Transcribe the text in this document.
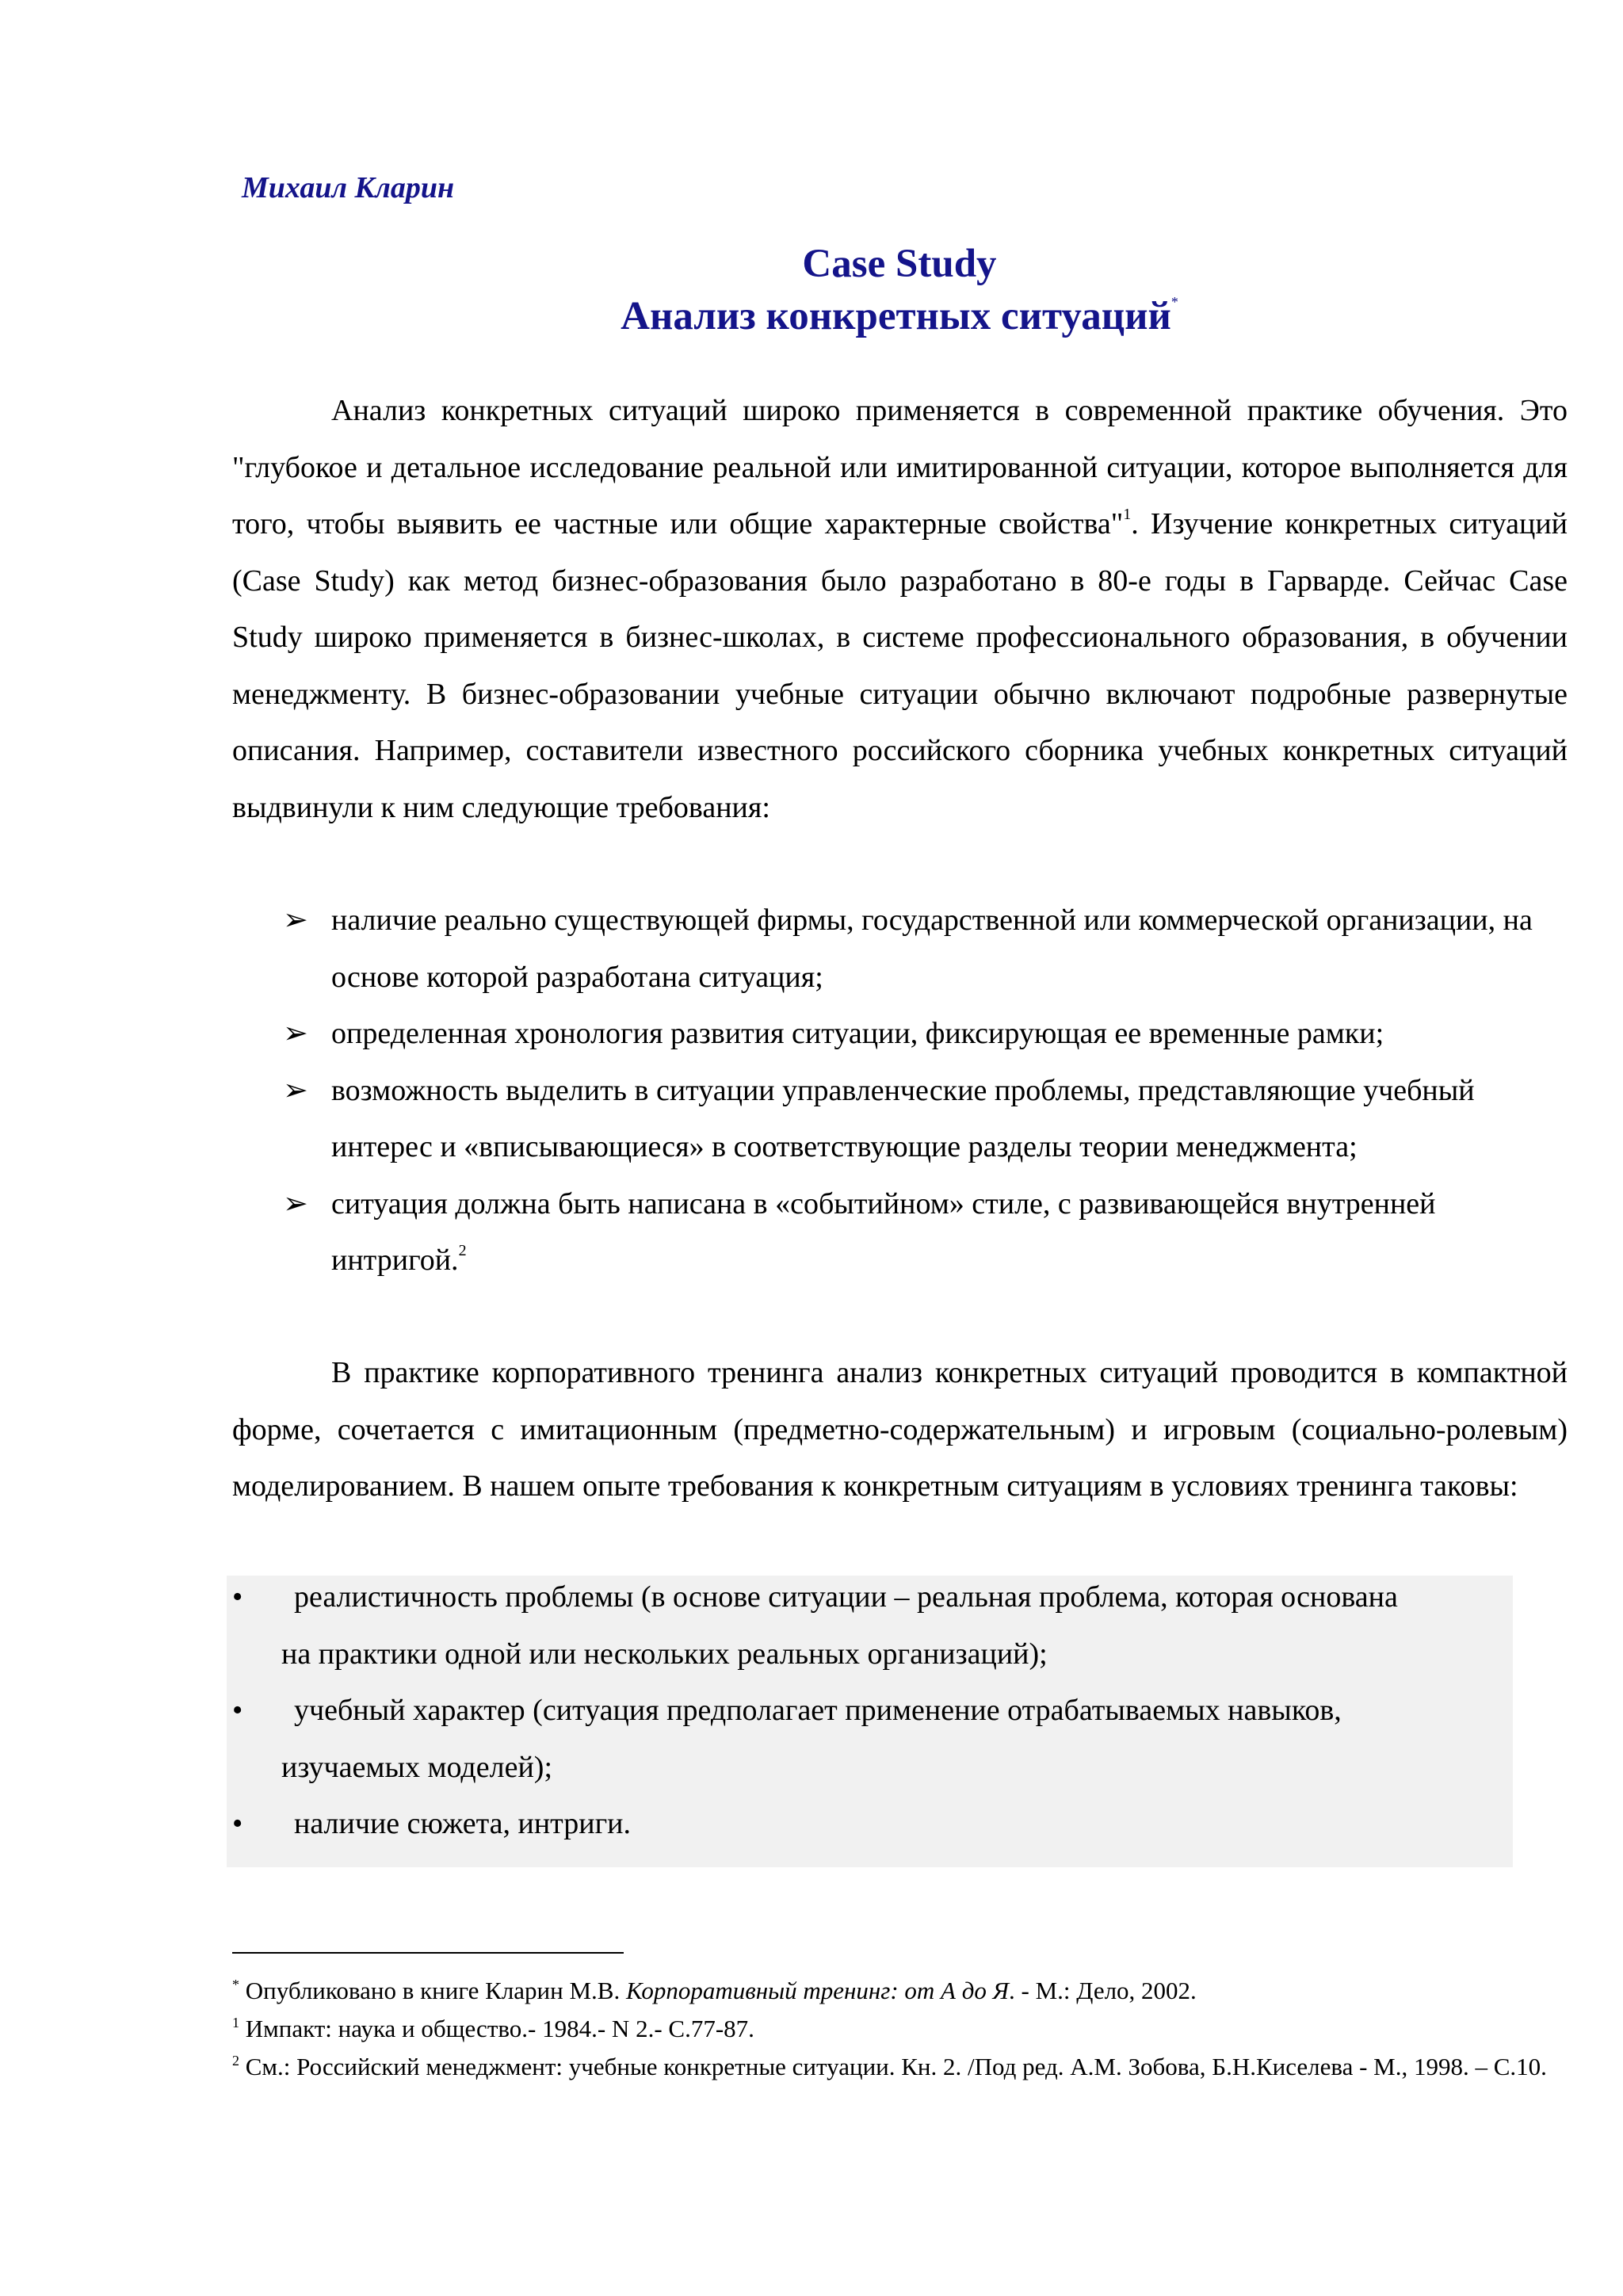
Михаил Кларин
Case Study
Анализ конкретных ситуаций*
Анализ конкретных ситуаций широко применяется в современной практике обучения. Это "глубокое и детальное исследование реальной или имитированной ситуации, которое выполняется для того, чтобы выявить ее частные или общие характерные свойства"$^1$. Изучение конкретных ситуаций (Case Study) как метод бизнес-образования было разработано в 80-е годы в Гарварде. Сейчас Case Study широко применяется в бизнес-школах, в системе профессионального образования, в обучении менеджменту. В бизнес-образовании учебные ситуации обычно включают подробные развернутые описания. Например, составители известного российского сборника учебных конкретных ситуаций выдвинули к ним следующие требования:
➢ наличие реально существующей фирмы, государственной или коммерческой организации, на основе которой разработана ситуация;
➢ определенная хронология развития ситуации, фиксирующая ее временные рамки;
➢ возможность выделить в ситуации управленческие проблемы, представляющие учебный интерес и «вписывающиеся» в соответствующие разделы теории менеджмента;
➢ ситуация должна быть написана в «событийном» стиле, с развивающейся внутренней интригой.$^2$
В практике корпоративного тренинга анализ конкретных ситуаций проводится в компактной форме, сочетается с имитационным (предметно-содержательным) и игровым (социально-ролевым) моделированием. В нашем опыте требования к конкретным ситуациям в условиях тренинга таковы:
•	реалистичность проблемы (в основе ситуации – реальная проблема, которая основана
на практики одной или нескольких реальных организаций);
•	учебный характер (ситуация предполагает применение отрабатываемых навыков,
изучаемых моделей);
•	наличие сюжета, интриги.
* Опубликовано в книге Кларин М.В. Корпоративный тренинг: от А до Я. - М.: Дело, 2002.
$^1$ Импакт: наука и общество.- 1984.- N 2.- С.77-87.
$^2$ См.: Российский менеджмент: учебные конкретные ситуации. Кн. 2. /Под ред. А.М. Зобова, Б.Н.Киселева - М., 1998. – С.10.
